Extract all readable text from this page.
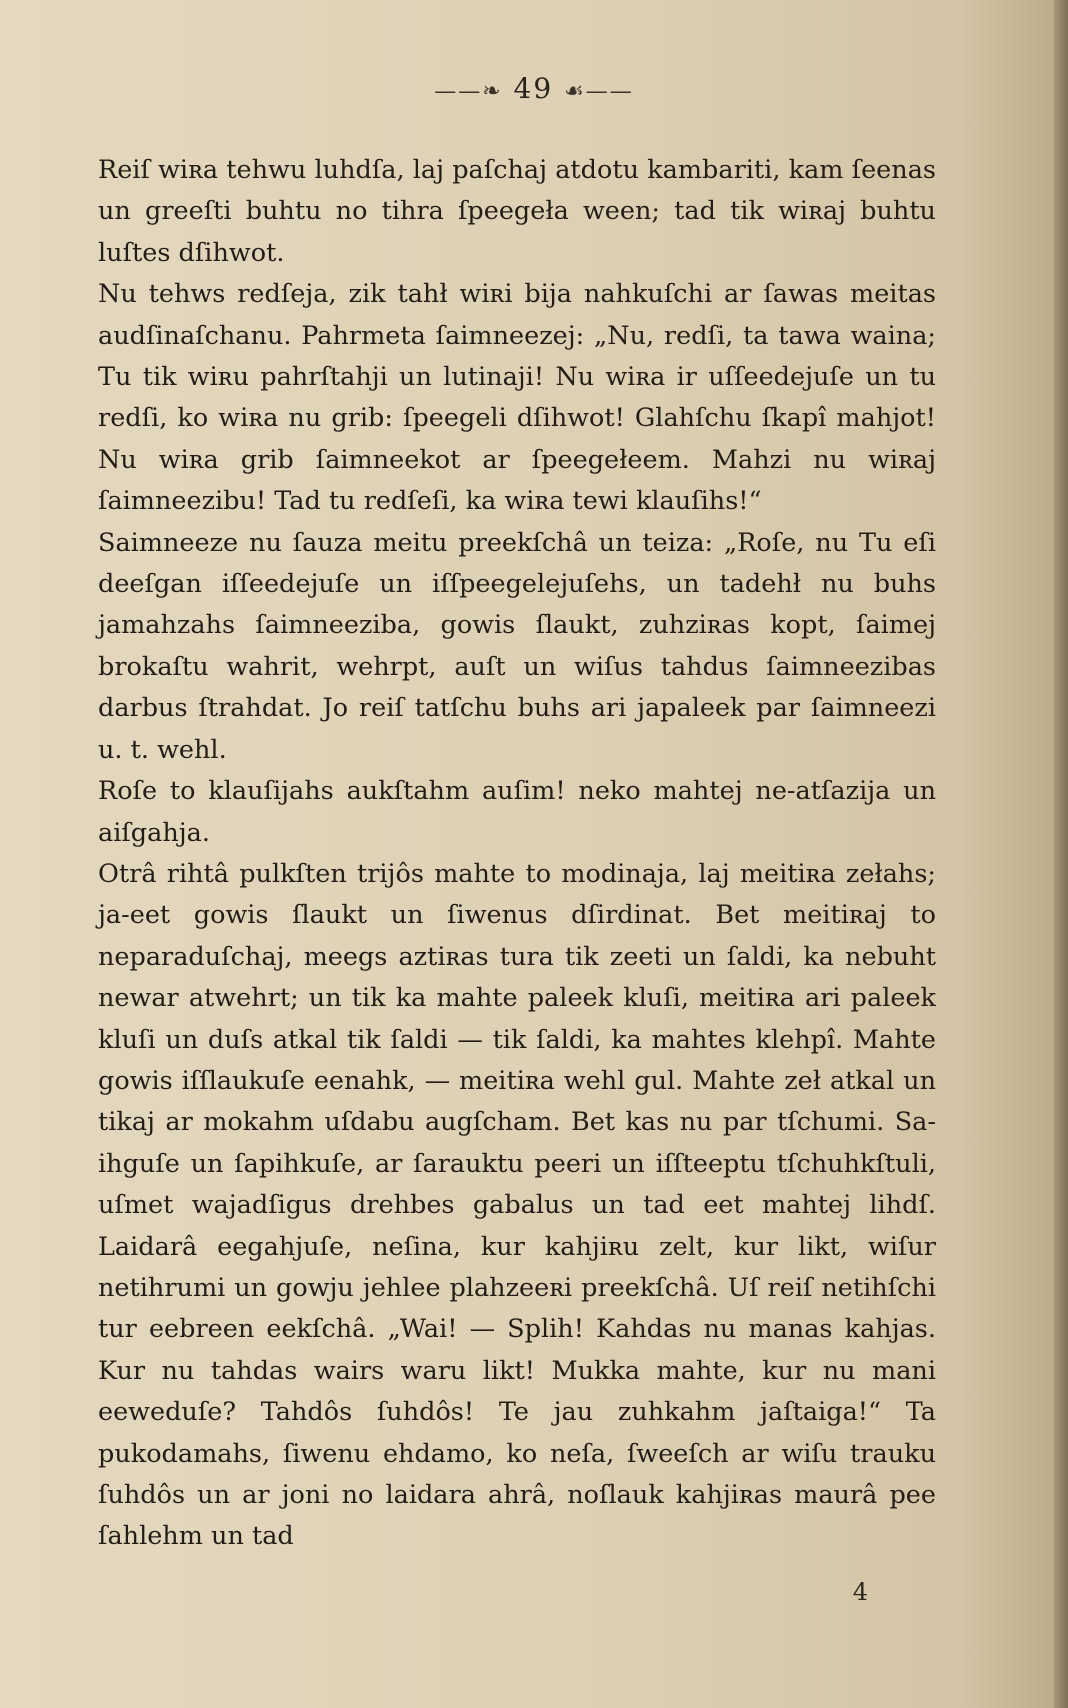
——❧ 49 ☙——

Reiſ wiʀa tehwu luhdſa, laj paſchaj atdotu kambariti, kam ſeenas un greeſti buhtu no tihra ſpeegeła ween; tad tik wiʀaj buhtu luſtes dſihwot.

Nu tehws redſeja, zik tahł wiʀi bija nahkuſchi ar ſawas meitas audſinaſchanu. Pahrmeta ſaimneezej: „Nu, redſi, ta tawa waina; Tu tik wiʀu pahrſtahji un lutinaji! Nu wiʀa ir uſſeedejuſe un tu redſi, ko wiʀa nu grib: ſpeegeli dſihwot! Glahſchu ſkapî mahjot! Nu wiʀa grib ſaimneekot ar ſpeegełeem. Mahzi nu wiʀaj ſaimneezibu! Tad tu redſeſi, ka wiʀa tewi klauſihs!“

Saimneeze nu ſauza meitu preekſchâ un teiza: „Roſe, nu Tu eſi deeſgan iſſeedejuſe un iſſpeegelejuſehs, un tadehł nu buhs jamahzahs ſaimneeziba, gowis ſlaukt, zuhziʀas kopt, ſaimej brokaſtu wahrit, wehrpt, auſt un wiſus tahdus ſaimneezibas darbus ſtrahdat. Jo reiſ tatſchu buhs ari japaleek par ſaimneezi u. t. wehl.

Roſe to klauſijahs aukſtahm auſim! neko mahtej ne-atſazija un aiſgahja.

Otrâ rihtâ pulkſten trijôs mahte to modinaja, laj meitiʀa zełahs; ja-eet gowis ſlaukt un ſiwenus dſirdinat. Bet meitiʀaj to neparaduſchaj, meegs aztiʀas tura tik zeeti un ſaldi, ka nebuht newar atwehrt; un tik ka mahte paleek kluſi, meitiʀa ari paleek kluſi un duſs atkal tik ſaldi — tik ſaldi, ka mahtes klehpî. Mahte gowis iſſlaukuſe eenahk, — meitiʀa wehl gul. Mahte zeł atkal un tikaj ar mokahm uſdabu augſcham. Bet kas nu par tſchumi. Sa-ihguſe un ſapihkuſe, ar ſarauktu peeri un iſſteeptu tſchuhkſtuli, uſmet wajadſigus drehbes gabalus un tad eet mahtej lihdſ. Laidarâ eegahjuſe, neſina, kur kahjiʀu zelt, kur likt, wiſur netihrumi un gowju jehlee plahzeeʀi preekſchâ. Uſ reiſ netihſchi tur eebreen eekſchâ. „Wai! — Splih! Kahdas nu manas kahjas. Kur nu tahdas wairs waru likt! Mukka mahte, kur nu mani eeweduſe? Tahdôs ſuhdôs! Te jau zuhkahm jaſtaiga!“ Ta pukodamahs, ſiwenu ehdamo, ko neſa, ſweeſch ar wiſu trauku ſuhdôs un ar joni no laidara ahrâ, noſlauk kahjiʀas maurâ pee ſahlehm un tad

4
